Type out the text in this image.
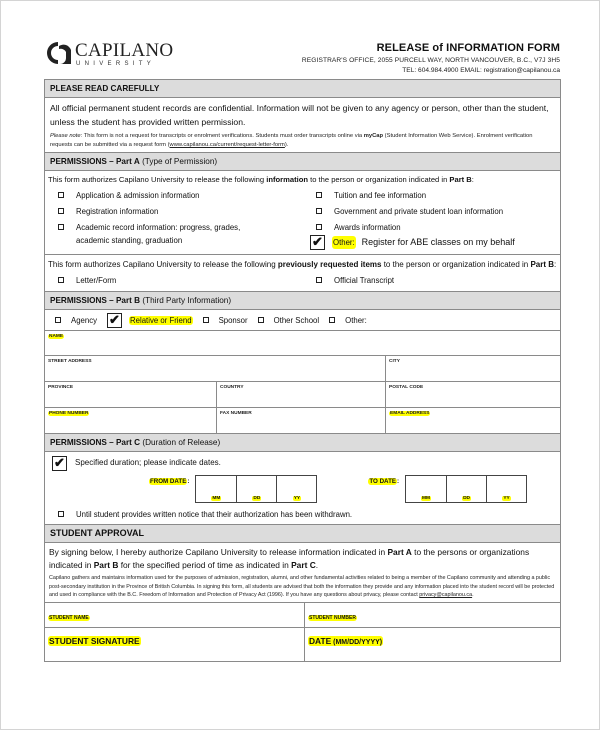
CAPILANO
UNIVERSITY
RELEASE of INFORMATION FORM
REGISTRAR'S OFFICE, 2055 PURCELL WAY, NORTH VANCOUVER, B.C., V7J 3H5
TEL: 604.984.4900 EMAIL: registration@capilanou.ca
PLEASE READ CAREFULLY
All official permanent student records are confidential. Information will not be given to any agency or person, other than the student, unless the student has provided written permission.
Please note: This form is not a request for transcripts or enrolment verifications. Students must order transcripts online via myCap (Student Information Web Service). Enrolment verification requests can be submitted via a request form (www.capilanou.ca/current/request-letter-form).
PERMISSIONS – Part A (Type of Permission)
This form authorizes Capilano University to release the following information to the person or organization indicated in Part B:
Application & admission information
Registration information
Academic record information: progress, grades, academic standing, graduation
Tuition and fee information
Government and private student loan information
Awards information
✔ Other: Register for ABE classes on my behalf
This form authorizes Capilano University to release the following previously requested items to the person or organization indicated in Part B:
Letter/Form	Official Transcript
PERMISSIONS – Part B (Third Party Information)
Agency ✔ Relative or Friend	Sponsor	Other School	Other:
NAME
STREET ADDRESS	CITY
PROVINCE	COUNTRY	POSTAL CODE
PHONE NUMBER	FAX NUMBER	EMAIL ADDRESS
PERMISSIONS – Part C (Duration of Release)
✔ Specified duration; please indicate dates.
FROM DATE:
MM	DD	YY
TO DATE:
MM	DD	YY
Until student provides written notice that their authorization has been withdrawn.
STUDENT APPROVAL
By signing below, I hereby authorize Capilano University to release information indicated in Part A to the persons or organizations indicated in Part B for the specified period of time as indicated in Part C.
Capilano gathers and maintains information used for the purposes of admission, registration, alumni, and other fundamental activities related to being a member of the Capilano community and attending a public post-secondary institution in the Province of British Columbia. In signing this form, all students are advised that both the information they provide and any information placed into the student record will be protected and used in compliance with the B.C. Freedom of Information and Protection of Privacy Act (1996). If you have any questions about privacy, please contact privacy@capilanou.ca.
STUDENT NAME	STUDENT NUMBER
STUDENT SIGNATURE	DATE (MM/DD/YYYY)
